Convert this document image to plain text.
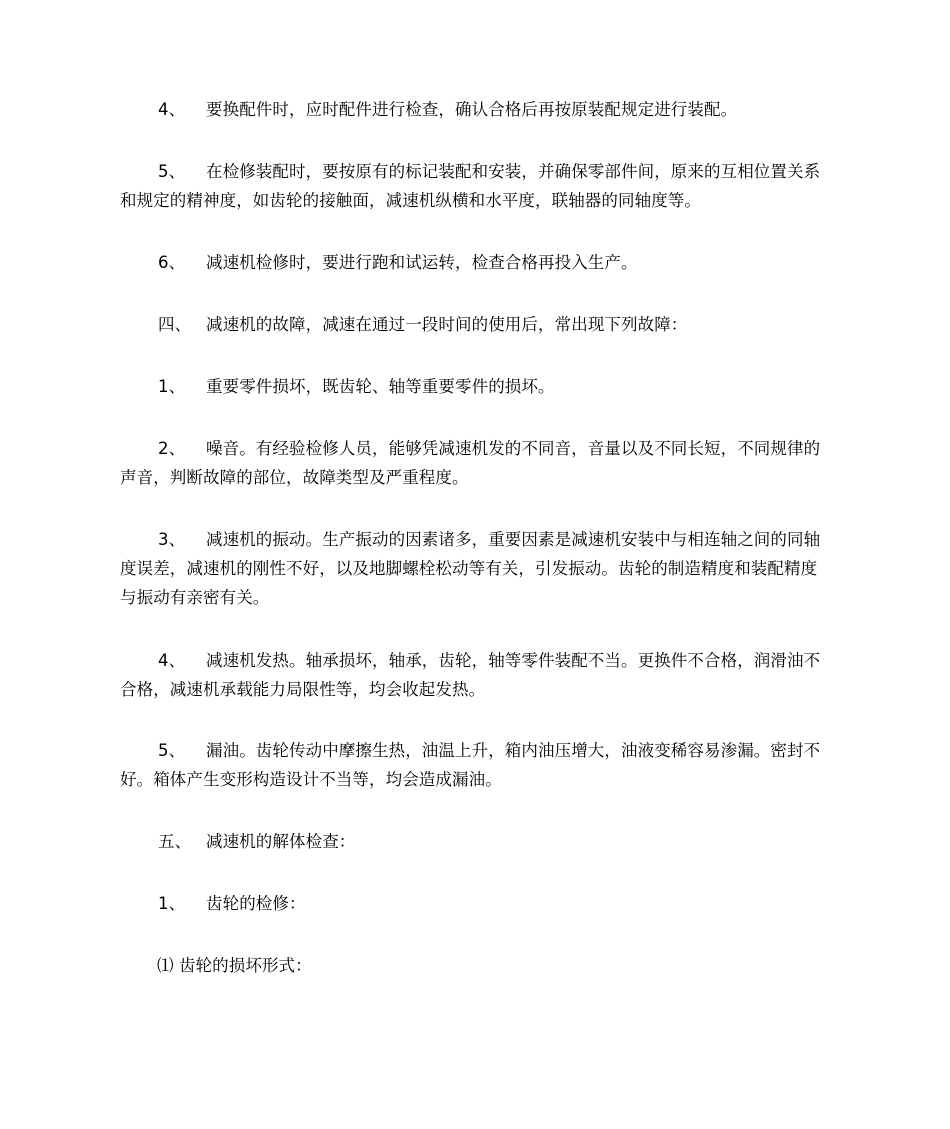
4、 要换配件时，应时配件进行检查，确认合格后再按原装配规定进行装配。

5、 在检修装配时，要按原有的标记装配和安装，并确保零部件间，原来的互相位置关系和规定的精神度，如齿轮的接触面，减速机纵横和水平度，联轴器的同轴度等。

6、 减速机检修时，要进行跑和试运转，检查合格再投入生产。

四、 减速机的故障，减速在通过一段时间的使用后，常出现下列故障：

1、 重要零件损坏，既齿轮、轴等重要零件的损坏。

2、 噪音。有经验检修人员，能够凭减速机发的不同音，音量以及不同长短，不同规律的声音，判断故障的部位，故障类型及严重程度。

3、 减速机的振动。生产振动的因素诸多，重要因素是减速机安装中与相连轴之间的同轴度误差，减速机的刚性不好，以及地脚螺栓松动等有关，引发振动。齿轮的制造精度和装配精度与振动有亲密有关。

4、 减速机发热。轴承损坏，轴承，齿轮，轴等零件装配不当。更换件不合格，润滑油不合格，减速机承载能力局限性等，均会收起发热。

5、 漏油。齿轮传动中摩擦生热，油温上升，箱内油压增大，油液变稀容易渗漏。密封不好。箱体产生变形构造设计不当等，均会造成漏油。

五、 减速机的解体检查：

1、 齿轮的检修：

⑴ 齿轮的损坏形式：
